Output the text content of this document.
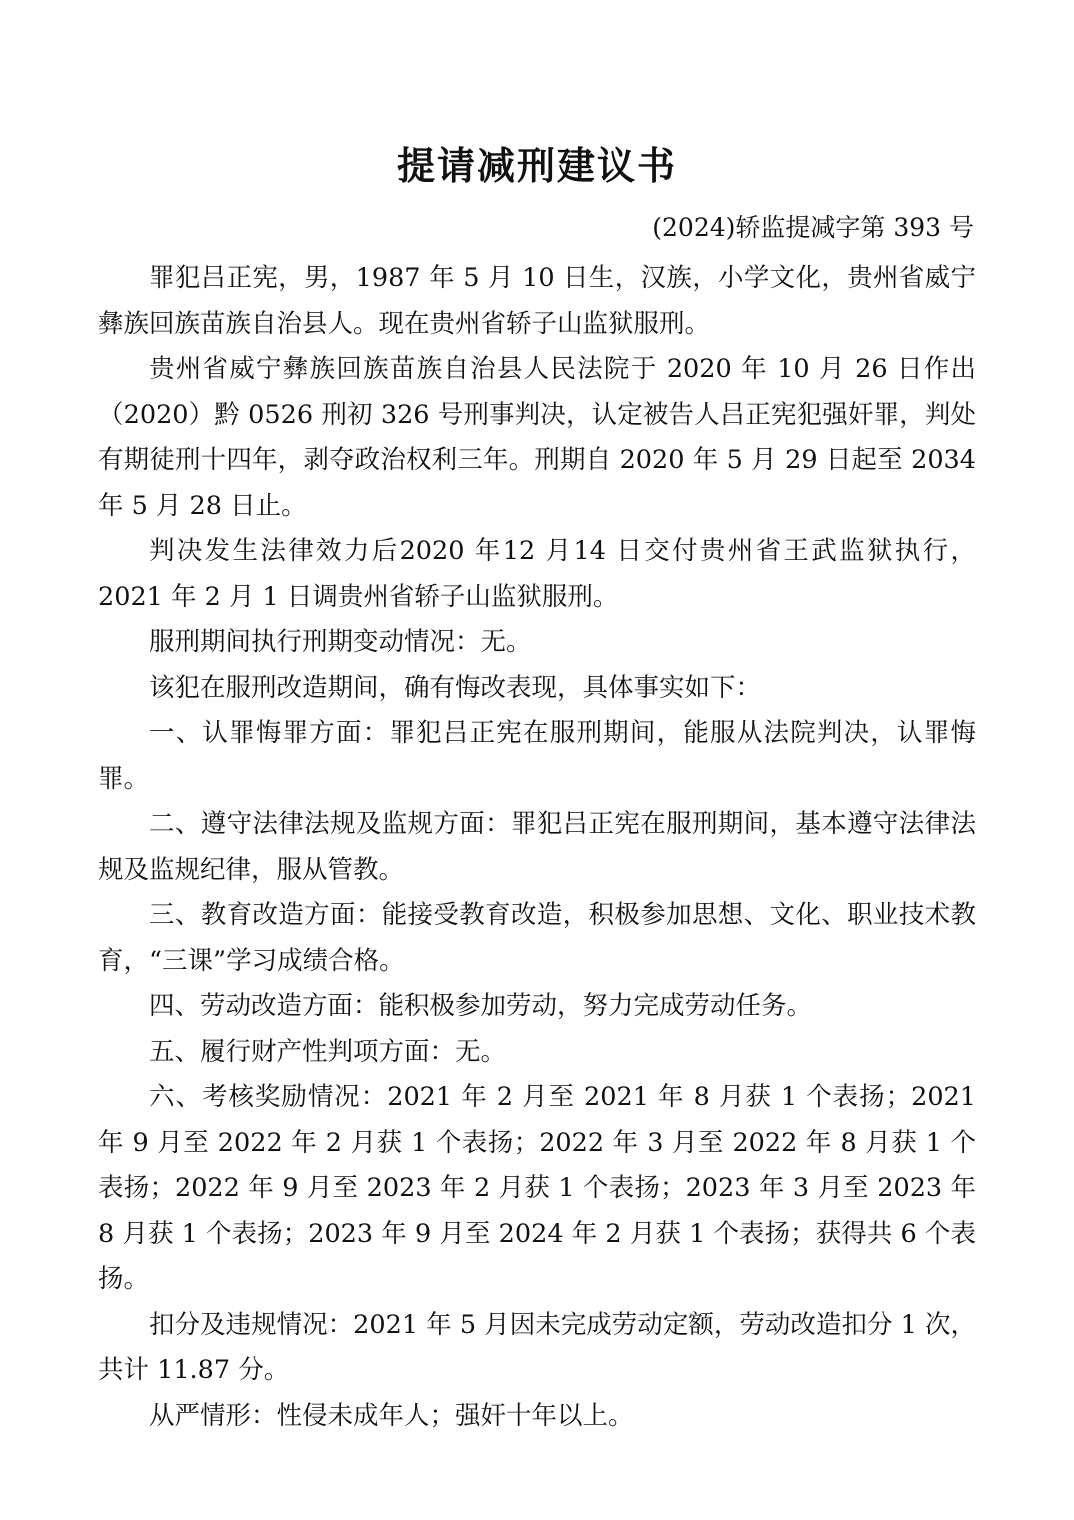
提请减刑建议书
(2024)轿监提减字第 393 号

罪犯吕正宪，男，1987 年 5 月 10 日生，汉族，小学文化，贵州省威宁彝族回族苗族自治县人。现在贵州省轿子山监狱服刑。

贵州省威宁彝族回族苗族自治县人民法院于 2020 年 10 月 26 日作出（2020）黔 0526 刑初 326 号刑事判决，认定被告人吕正宪犯强奸罪，判处有期徒刑十四年，剥夺政治权利三年。刑期自 2020 年 5 月 29 日起至 2034 年 5 月 28 日止。

判决发生法律效力后2020 年12 月14 日交付贵州省王武监狱执行，2021 年 2 月 1 日调贵州省轿子山监狱服刑。

服刑期间执行刑期变动情况：无。

该犯在服刑改造期间，确有悔改表现，具体事实如下：

一、认罪悔罪方面：罪犯吕正宪在服刑期间，能服从法院判决，认罪悔罪。

二、遵守法律法规及监规方面：罪犯吕正宪在服刑期间，基本遵守法律法规及监规纪律，服从管教。

三、教育改造方面：能接受教育改造，积极参加思想、文化、职业技术教育，“三课”学习成绩合格。

四、劳动改造方面：能积极参加劳动，努力完成劳动任务。

五、履行财产性判项方面：无。

六、考核奖励情况：2021 年 2 月至 2021 年 8 月获 1 个表扬；2021 年 9 月至 2022 年 2 月获 1 个表扬；2022 年 3 月至 2022 年 8 月获 1 个表扬；2022 年 9 月至 2023 年 2 月获 1 个表扬；2023 年 3 月至 2023 年 8 月获 1 个表扬；2023 年 9 月至 2024 年 2 月获 1 个表扬；获得共 6 个表扬。

扣分及违规情况：2021 年 5 月因未完成劳动定额，劳动改造扣分 1 次，共计 11.87 分。

从严情形：性侵未成年人；强奸十年以上。
